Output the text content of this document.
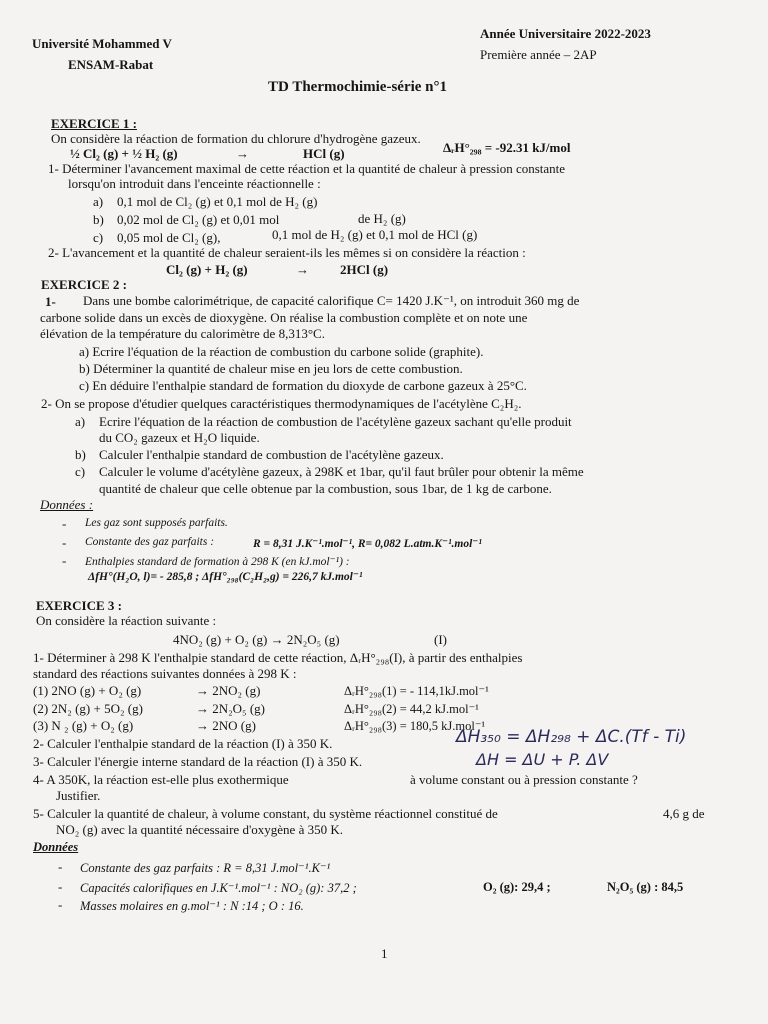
Université Mohammed V
ENSAM-Rabat
Année Universitaire 2022-2023
Première année – 2AP
TD Thermochimie-série n°1
EXERCICE 1 :
On considère la réaction de formation du chlorure d'hydrogène gazeux.
½ Cl₂ (g) + ½ H₂ (g)	→	HCl (g)	ΔᵣH°₂₉₈ = -92.31 kJ/mol
1- Déterminer l'avancement maximal de cette réaction et la quantité de chaleur à pression constante
lorsqu'on introduit dans l'enceinte réactionnelle :
a) 0,1 mol de Cl₂ (g) et 0,1 mol de H₂ (g)
b) 0,02 mol de Cl₂ (g) et 0,01 mol	de H₂ (g)
c) 0,05 mol de Cl₂ (g),	0,1 mol de H₂ (g) et 0,1 mol de HCl (g)
2- L'avancement et la quantité de chaleur seraient-ils les mêmes si on considère la réaction :
Cl₂ (g) + H₂ (g)	→ 2HCl (g)
EXERCICE 2 :
1- Dans une bombe calorimétrique, de capacité calorifique C= 1420 J.K⁻¹, on introduit 360 mg de
carbone solide dans un excès de dioxygène. On réalise la combustion complète et on note une
élévation de la température du calorimètre de 8,313°C.
a) Ecrire l'équation de la réaction de combustion du carbone solide (graphite).
b) Déterminer la quantité de chaleur mise en jeu lors de cette combustion.
c) En déduire l'enthalpie standard de formation du dioxyde de carbone gazeux à 25°C.
2- On se propose d'étudier quelques caractéristiques thermodynamiques de l'acétylène C₂H₂.
a) Ecrire l'équation de la réaction de combustion de l'acétylène gazeux sachant qu'elle produit
du CO₂ gazeux et H₂O liquide.
b) Calculer l'enthalpie standard de combustion de l'acétylène gazeux.
c) Calculer le volume d'acétylène gazeux, à 298K et 1bar, qu'il faut brûler pour obtenir la même
quantité de chaleur que celle obtenue par la combustion, sous 1bar, de 1 kg de carbone.
Données :
- Les gaz sont supposés parfaits.
- Constante des gaz parfaits :	R = 8,31 J.K⁻¹.mol⁻¹, R= 0,082 L.atm.K⁻¹.mol⁻¹
- Enthalpies standard de formation à 298 K (en kJ.mol⁻¹) :
ΔfH°(H₂O, l)= - 285,8 ; ΔfH°₂₉₈(C₂H₂,g) = 226,7 kJ.mol⁻¹
EXERCICE 3 :
On considère la réaction suivante :
4NO₂ (g) + O₂ (g) → 2N₂O₅ (g)	(I)
1- Déterminer à 298 K l'enthalpie standard de cette réaction, ΔᵣH°₂₉₈(I), à partir des enthalpies
standard des réactions suivantes données à 298 K :
(1) 2NO (g) + O₂ (g)	→ 2NO₂ (g)	ΔᵣH°₂₉₈(1) = - 114,1kJ.mol⁻¹
(2) 2N₂ (g) + 5O₂ (g)	→ 2N₂O₅ (g)	ΔᵣH°₂₉₈(2) = 44,2 kJ.mol⁻¹
(3) N ₂ (g) + O₂ (g)	→ 2NO (g)	ΔᵣH°₂₉₈(3) = 180,5 kJ.mol⁻¹
2- Calculer l'enthalpie standard de la réaction (I) à 350 K.
3- Calculer l'énergie interne standard de la réaction (I) à 350 K.
4- A 350K, la réaction est-elle plus exothermique	à volume constant ou à pression constante ?
Justifier.
5- Calculer la quantité de chaleur, à volume constant, du système réactionnel constitué de	4,6 g de
NO₂ (g) avec la quantité nécessaire d'oxygène à 350 K.
Données
- Constante des gaz parfaits : R = 8,31 J.mol⁻¹.K⁻¹
- Capacités calorifiques en J.K⁻¹.mol⁻¹ : NO₂ (g): 37,2 ;	O₂ (g): 29,4 ;	N₂O₅ (g) : 84,5
- Masses molaires en g.mol⁻¹ : N :14 ; O : 16.
ΔH₃₅₀ = ΔH₂₉₈ + ΔC.(Tf - Ti)
ΔH = ΔU + P. ΔV
1
